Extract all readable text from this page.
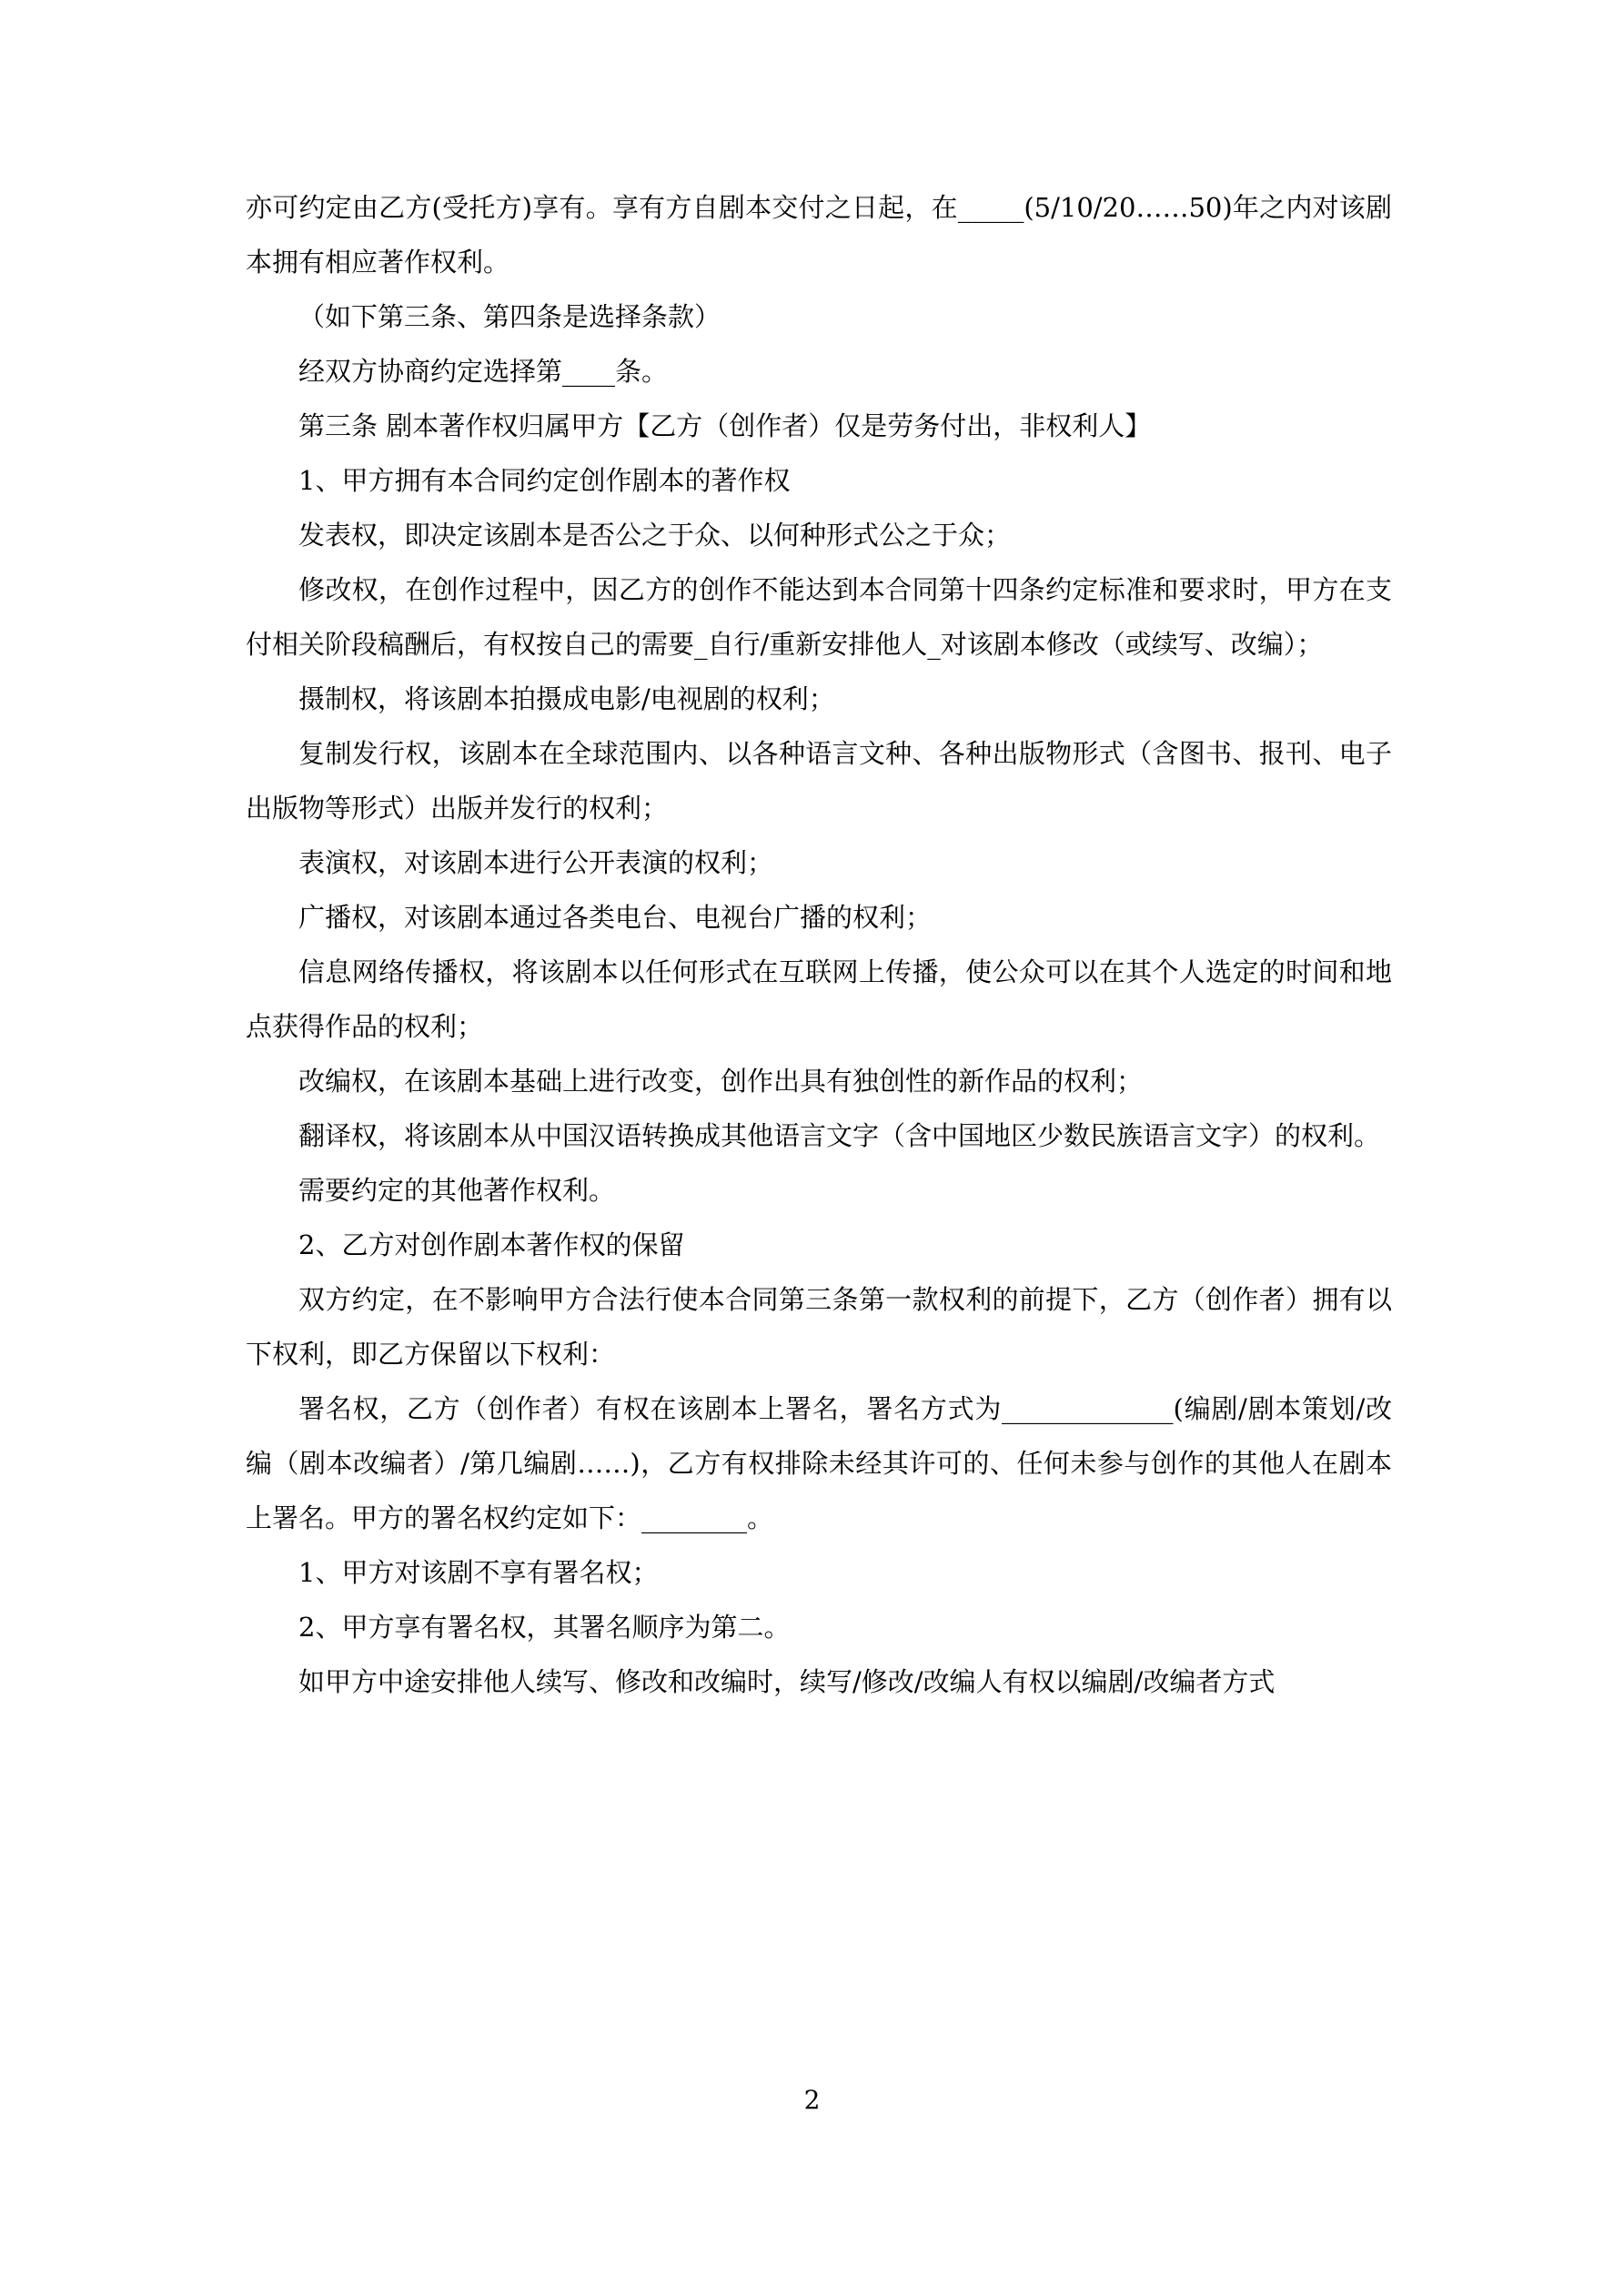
亦可约定由乙方(受托方)享有。享有方自剧本交付之日起，在_____(5/10/20……50)年之内对该剧本拥有相应著作权利。

（如下第三条、第四条是选择条款）

经双方协商约定选择第____条。

第三条 剧本著作权归属甲方【乙方（创作者）仅是劳务付出，非权利人】

1、甲方拥有本合同约定创作剧本的著作权

发表权，即决定该剧本是否公之于众、以何种形式公之于众；

修改权，在创作过程中，因乙方的创作不能达到本合同第十四条约定标准和要求时，甲方在支付相关阶段稿酬后，有权按自己的需要_自行/重新安排他人_对该剧本修改（或续写、改编）；

摄制权，将该剧本拍摄成电影/电视剧的权利；

复制发行权，该剧本在全球范围内、以各种语言文种、各种出版物形式（含图书、报刊、电子出版物等形式）出版并发行的权利；

表演权，对该剧本进行公开表演的权利；

广播权，对该剧本通过各类电台、电视台广播的权利；

信息网络传播权，将该剧本以任何形式在互联网上传播，使公众可以在其个人选定的时间和地点获得作品的权利；

改编权，在该剧本基础上进行改变，创作出具有独创性的新作品的权利；

翻译权，将该剧本从中国汉语转换成其他语言文字（含中国地区少数民族语言文字）的权利。

需要约定的其他著作权利。

2、乙方对创作剧本著作权的保留

双方约定，在不影响甲方合法行使本合同第三条第一款权利的前提下，乙方（创作者）拥有以下权利，即乙方保留以下权利：

署名权，乙方（创作者）有权在该剧本上署名，署名方式为_____________(编剧/剧本策划/改编（剧本改编者）/第几编剧……)，乙方有权排除未经其许可的、任何未参与创作的其他人在剧本上署名。甲方的署名权约定如下：________。

1、甲方对该剧不享有署名权；

2、甲方享有署名权，其署名顺序为第二。

如甲方中途安排他人续写、修改和改编时，续写/修改/改编人有权以编剧/改编者方式

2
